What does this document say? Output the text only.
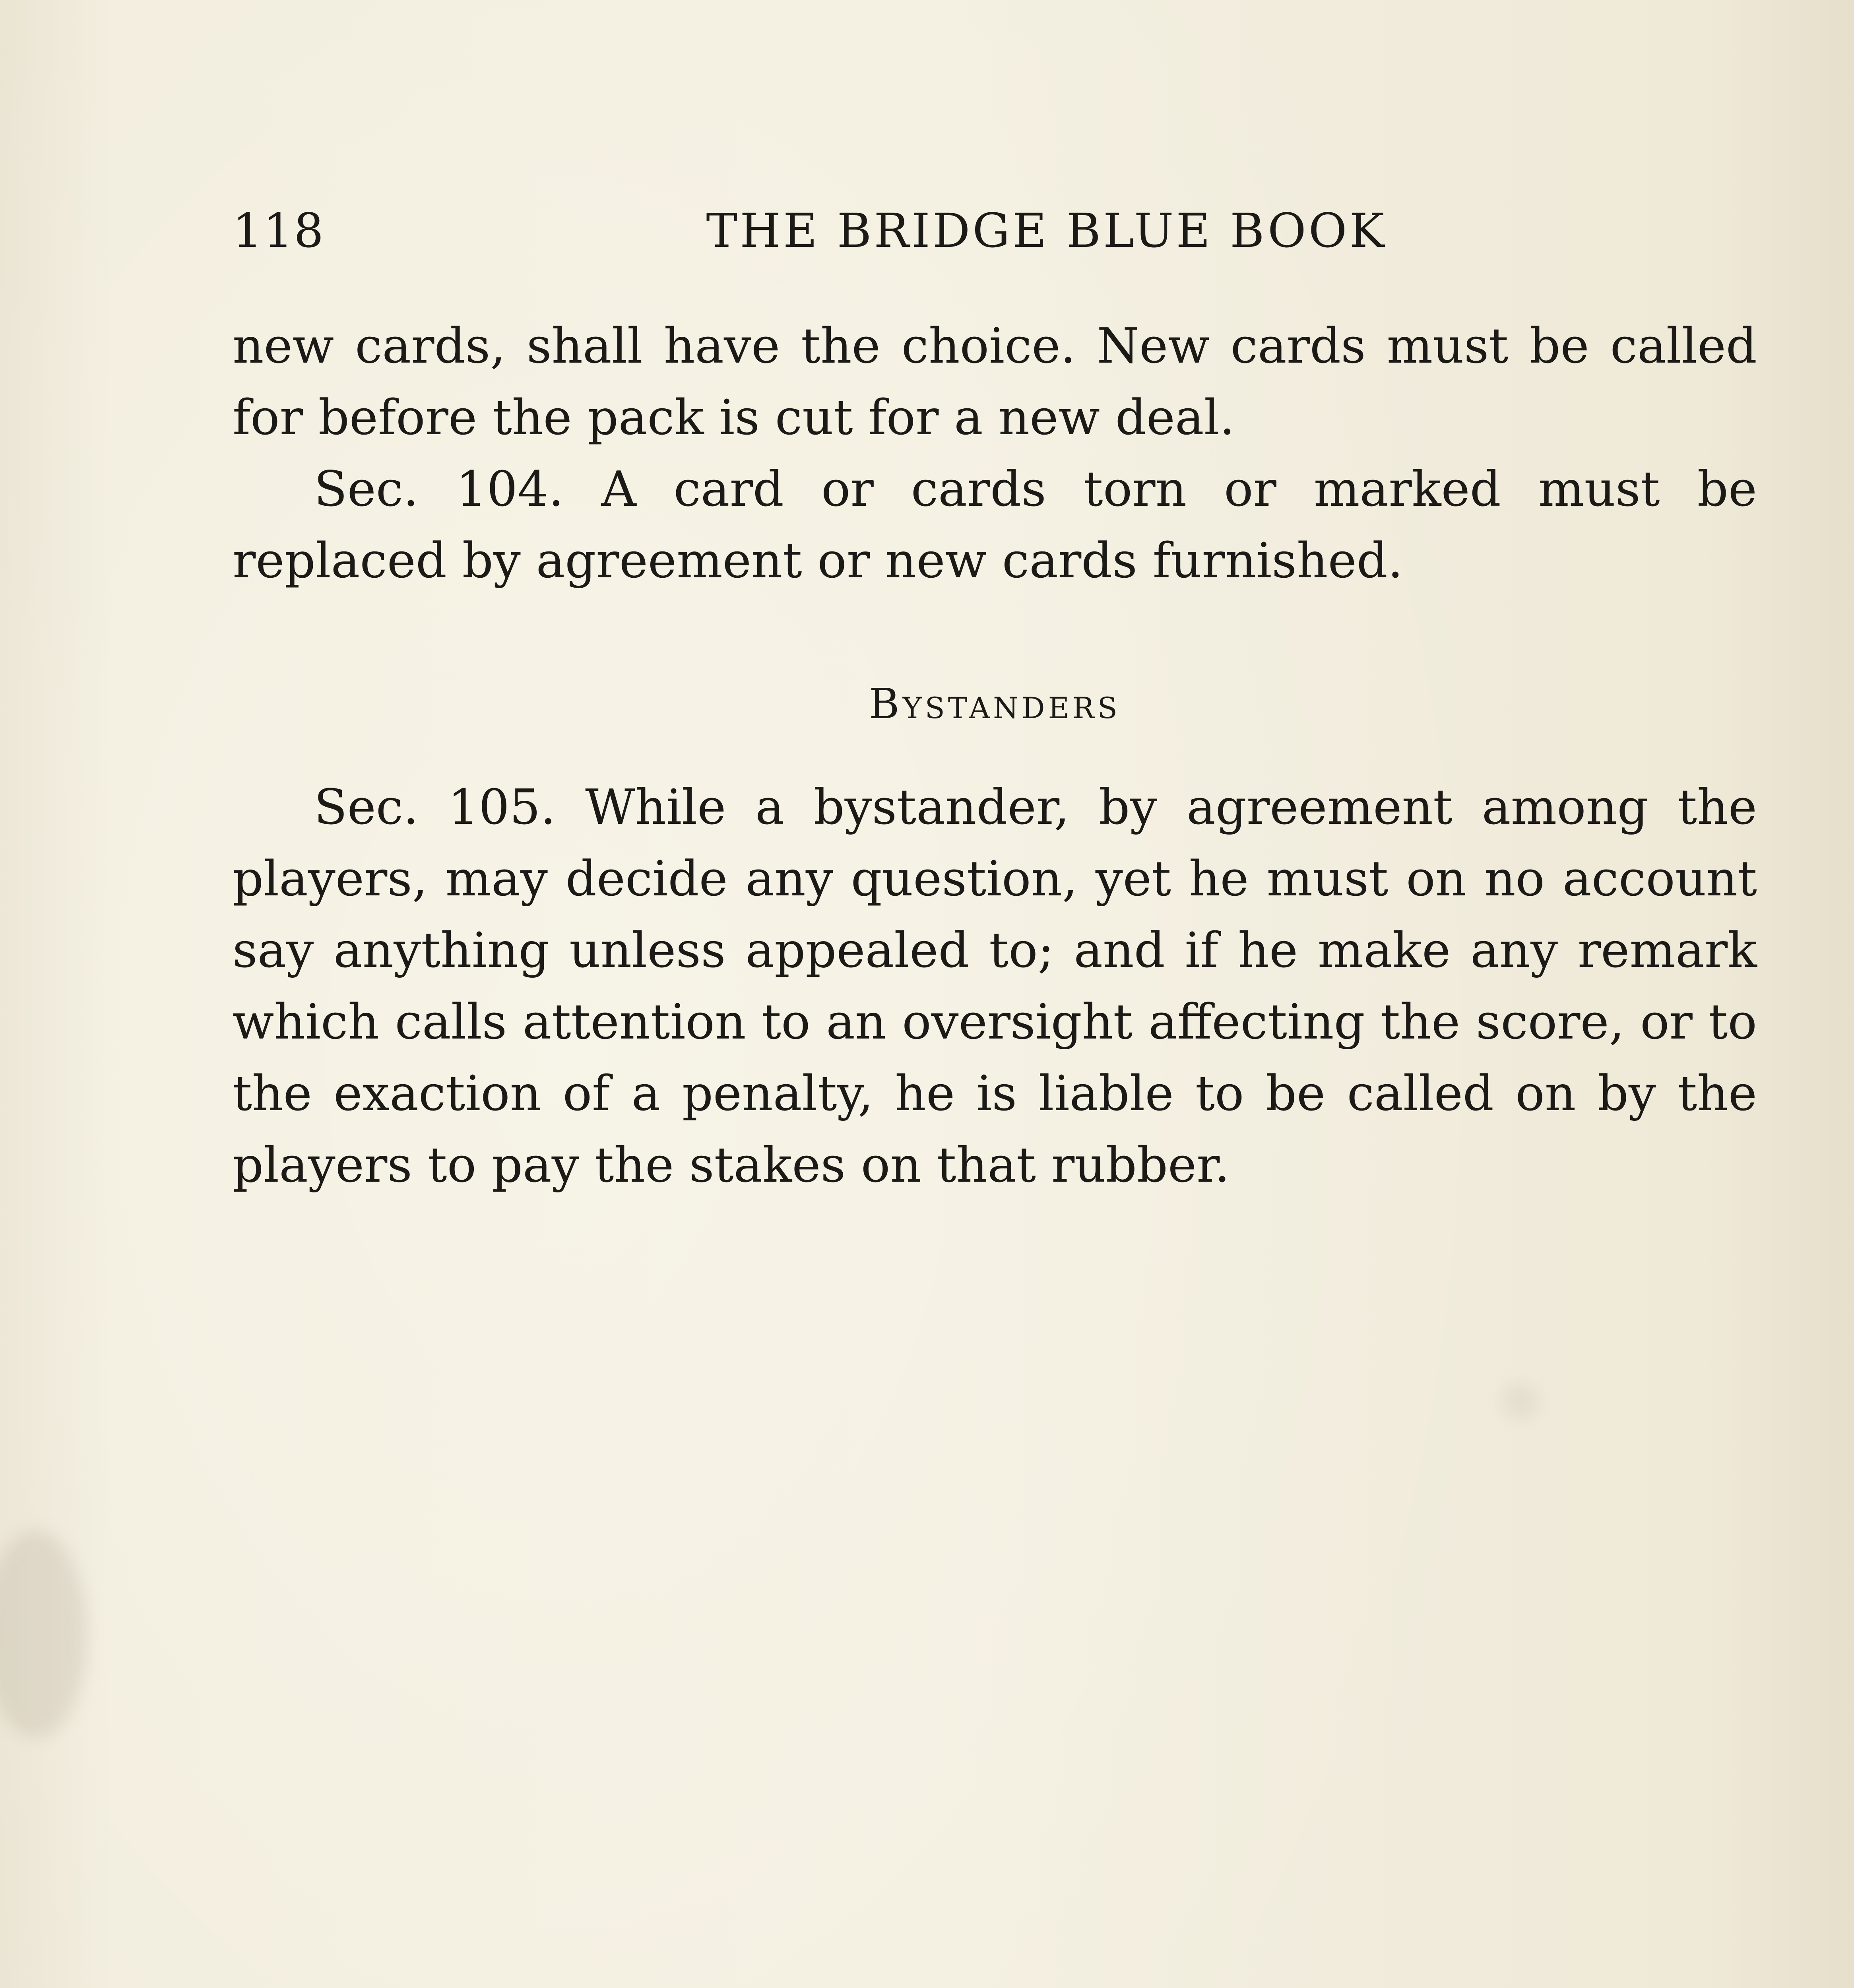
118	THE BRIDGE BLUE BOOK

new cards, shall have the choice. New cards must be called for before the pack is cut for a new deal.

Sec. 104. A card or cards torn or marked must be replaced by agreement or new cards furnished.

Bystanders

Sec. 105. While a bystander, by agreement among the players, may decide any question, yet he must on no account say anything unless appealed to; and if he make any remark which calls attention to an oversight affecting the score, or to the exaction of a penalty, he is liable to be called on by the players to pay the stakes on that rubber.
